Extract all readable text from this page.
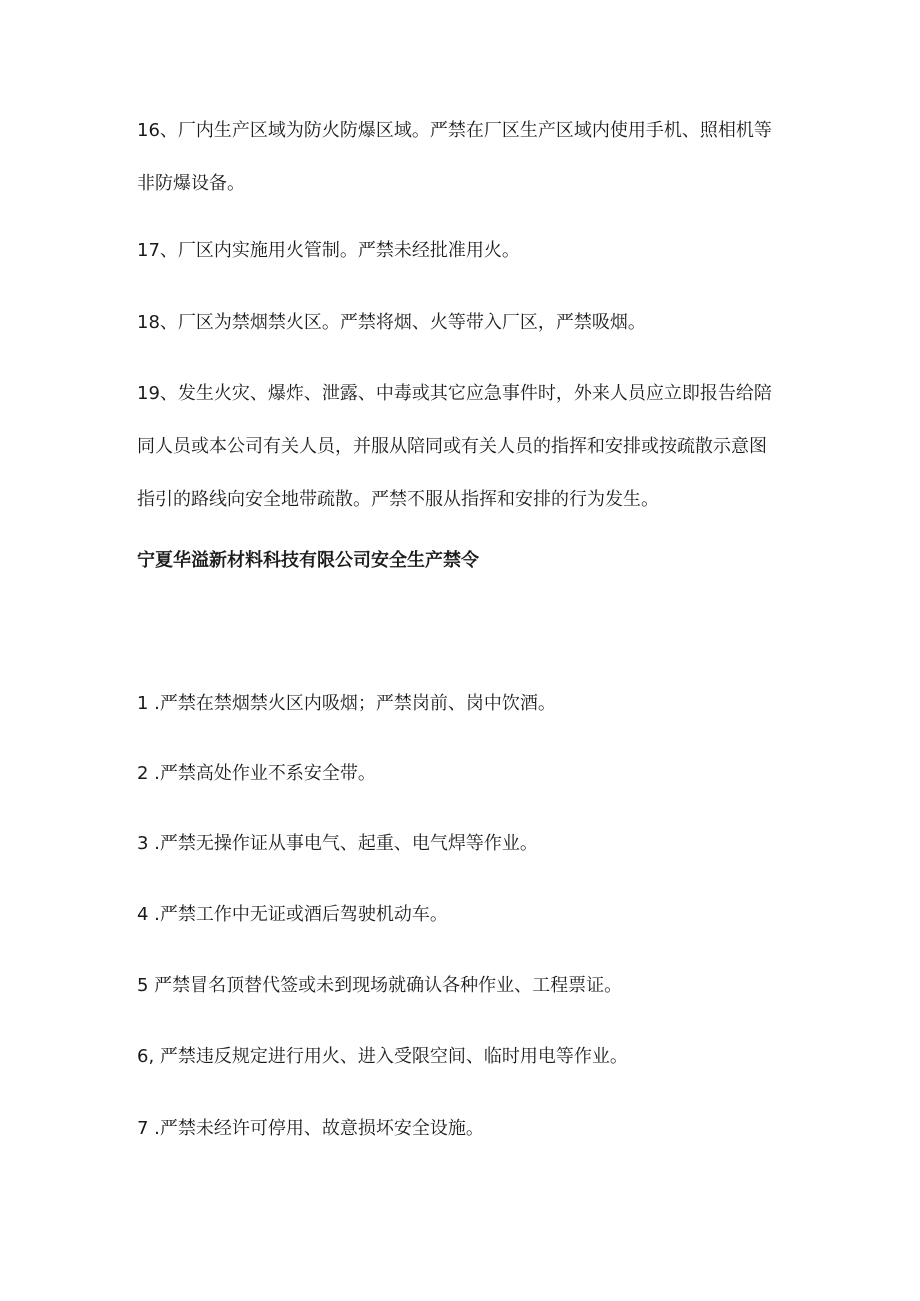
16、厂内生产区域为防火防爆区域。严禁在厂区生产区域内使用手机、照相机等
非防爆设备。
17、厂区内实施用火管制。严禁未经批准用火。
18、厂区为禁烟禁火区。严禁将烟、火等带入厂区，严禁吸烟。
19、发生火灾、爆炸、泄露、中毒或其它应急事件时，外来人员应立即报告给陪
同人员或本公司有关人员，并服从陪同或有关人员的指挥和安排或按疏散示意图
指引的路线向安全地带疏散。严禁不服从指挥和安排的行为发生。
宁夏华溢新材料科技有限公司安全生产禁令

1 .严禁在禁烟禁火区内吸烟；严禁岗前、岗中饮酒。

2 .严禁高处作业不系安全带。

3 .严禁无操作证从事电气、起重、电气焊等作业。

4 .严禁工作中无证或酒后驾驶机动车。

5 严禁冒名顶替代签或未到现场就确认各种作业、工程票证。

6, 严禁违反规定进行用火、进入受限空间、临时用电等作业。

7 .严禁未经许可停用、故意损坏安全设施。
